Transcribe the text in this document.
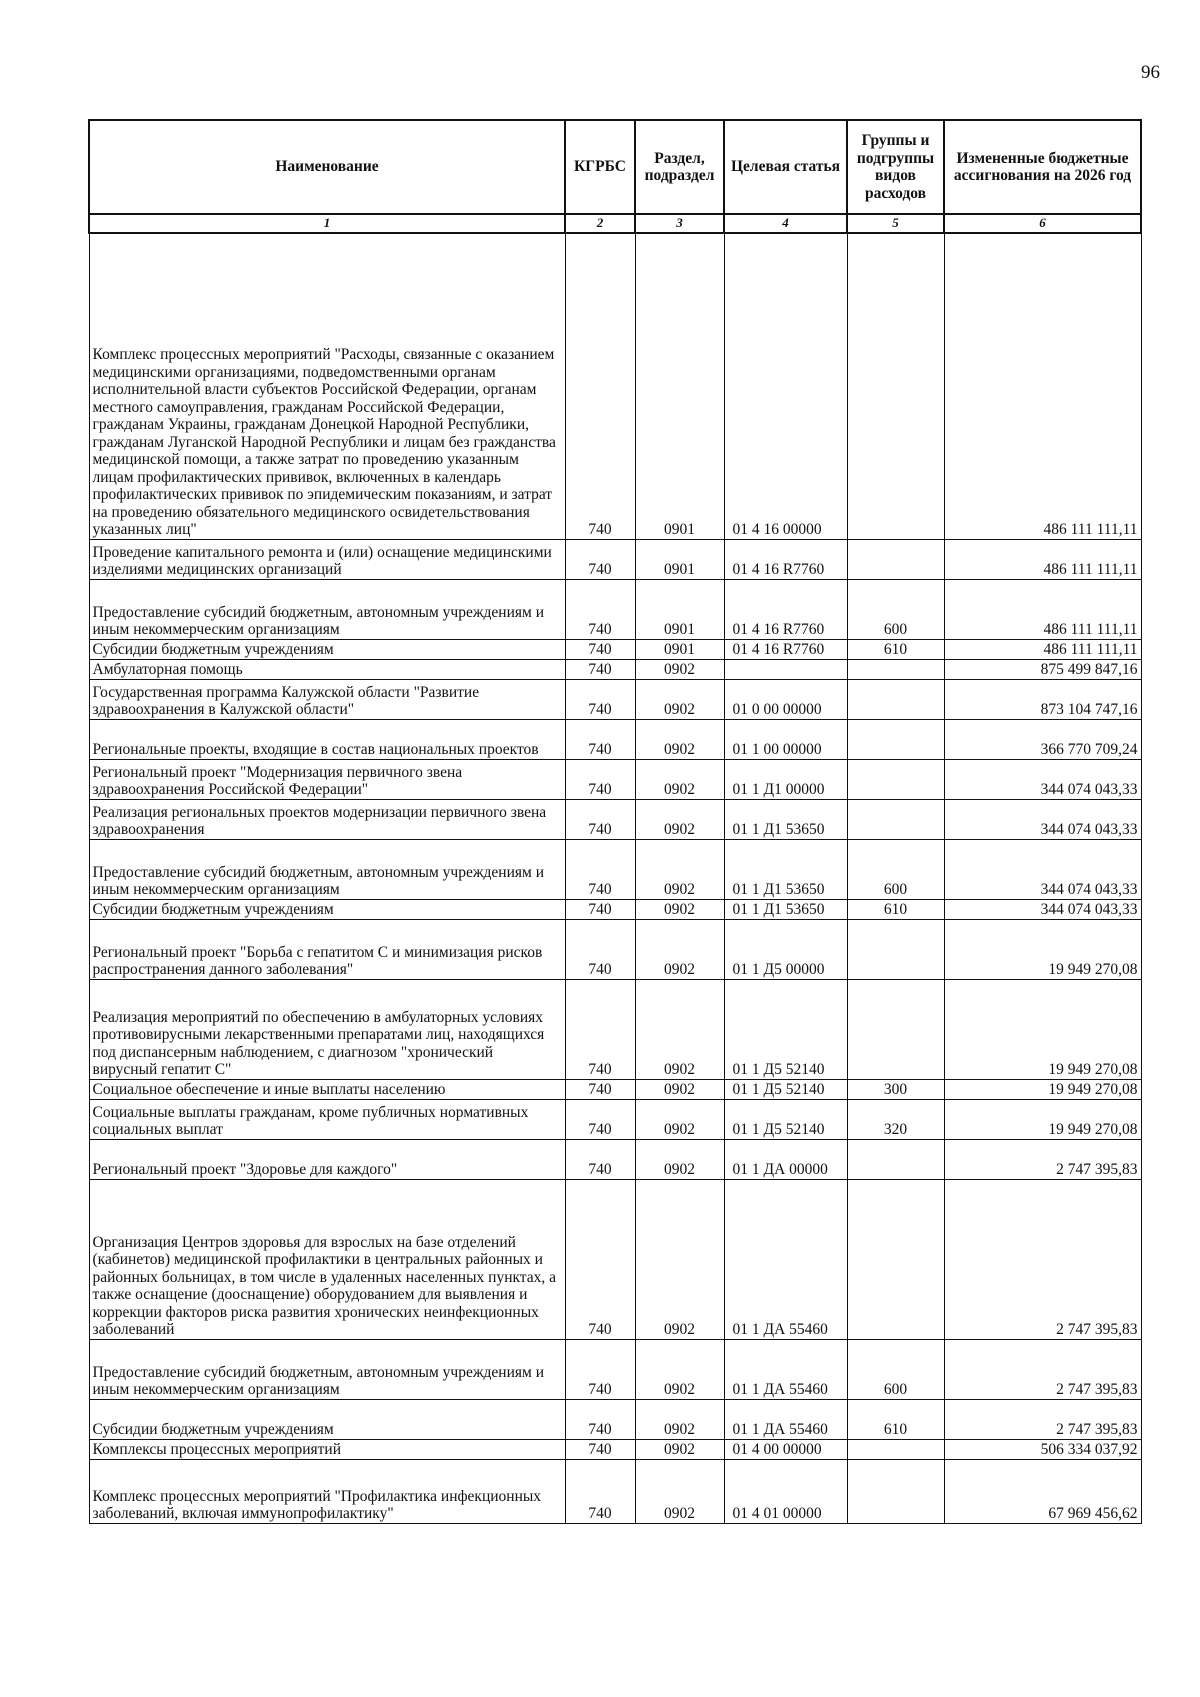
96
Наименование	КГРБС	Раздел, подраздел	Целевая статья	Группы и подгруппы видов расходов	Измененные бюджетные ассигнования на 2026 год
1	2	3	4	5	6
Комплекс процессных мероприятий "Расходы, связанные с оказанием медицинскими организациями, подведомственными органам исполнительной власти субъектов Российской Федерации, органам местного самоуправления, гражданам Российской Федерации, гражданам Украины, гражданам Донецкой Народной Республики, гражданам Луганской Народной Республики и лицам без гражданства медицинской помощи, а также затрат по проведению указанным лицам профилактических прививок, включенных в календарь профилактических прививок по эпидемическим показаниям, и затрат на проведению обязательного медицинского освидетельствования указанных лиц"	740	0901	01 4 16 00000		486 111 111,11
Проведение капитального ремонта и (или) оснащение медицинскими изделиями медицинских организаций	740	0901	01 4 16 R7760		486 111 111,11
Предоставление субсидий бюджетным, автономным учреждениям и иным некоммерческим организациям	740	0901	01 4 16 R7760	600	486 111 111,11
Субсидии бюджетным учреждениям	740	0901	01 4 16 R7760	610	486 111 111,11
Амбулаторная помощь	740	0902			875 499 847,16
Государственная программа Калужской области "Развитие здравоохранения в Калужской области"	740	0902	01 0 00 00000		873 104 747,16
Региональные проекты, входящие в состав национальных проектов	740	0902	01 1 00 00000		366 770 709,24
Региональный проект "Модернизация первичного звена здравоохранения Российской Федерации"	740	0902	01 1 Д1 00000		344 074 043,33
Реализация региональных проектов модернизации первичного звена здравоохранения	740	0902	01 1 Д1 53650		344 074 043,33
Предоставление субсидий бюджетным, автономным учреждениям и иным некоммерческим организациям	740	0902	01 1 Д1 53650	600	344 074 043,33
Субсидии бюджетным учреждениям	740	0902	01 1 Д1 53650	610	344 074 043,33
Региональный проект "Борьба с гепатитом С и минимизация рисков распространения данного заболевания"	740	0902	01 1 Д5 00000		19 949 270,08
Реализация мероприятий по обеспечению в амбулаторных условиях противовирусными лекарственными препаратами лиц, находящихся под диспансерным наблюдением, с диагнозом "хронический вирусный гепатит С"	740	0902	01 1 Д5 52140		19 949 270,08
Социальное обеспечение и иные выплаты населению	740	0902	01 1 Д5 52140	300	19 949 270,08
Социальные выплаты гражданам, кроме публичных нормативных социальных выплат	740	0902	01 1 Д5 52140	320	19 949 270,08
Региональный проект "Здоровье для каждого"	740	0902	01 1 ДА 00000		2 747 395,83
Организация Центров здоровья для взрослых на базе отделений (кабинетов) медицинской профилактики в центральных районных и районных больницах, в том числе в удаленных населенных пунктах, а также оснащение (дооснащение) оборудованием для выявления и коррекции факторов риска развития хронических неинфекционных заболеваний	740	0902	01 1 ДА 55460		2 747 395,83
Предоставление субсидий бюджетным, автономным учреждениям и иным некоммерческим организациям	740	0902	01 1 ДА 55460	600	2 747 395,83
Субсидии бюджетным учреждениям	740	0902	01 1 ДА 55460	610	2 747 395,83
Комплексы процессных мероприятий	740	0902	01 4 00 00000		506 334 037,92
Комплекс процессных мероприятий "Профилактика инфекционных заболеваний, включая иммунопрофилактику"	740	0902	01 4 01 00000		67 969 456,62
